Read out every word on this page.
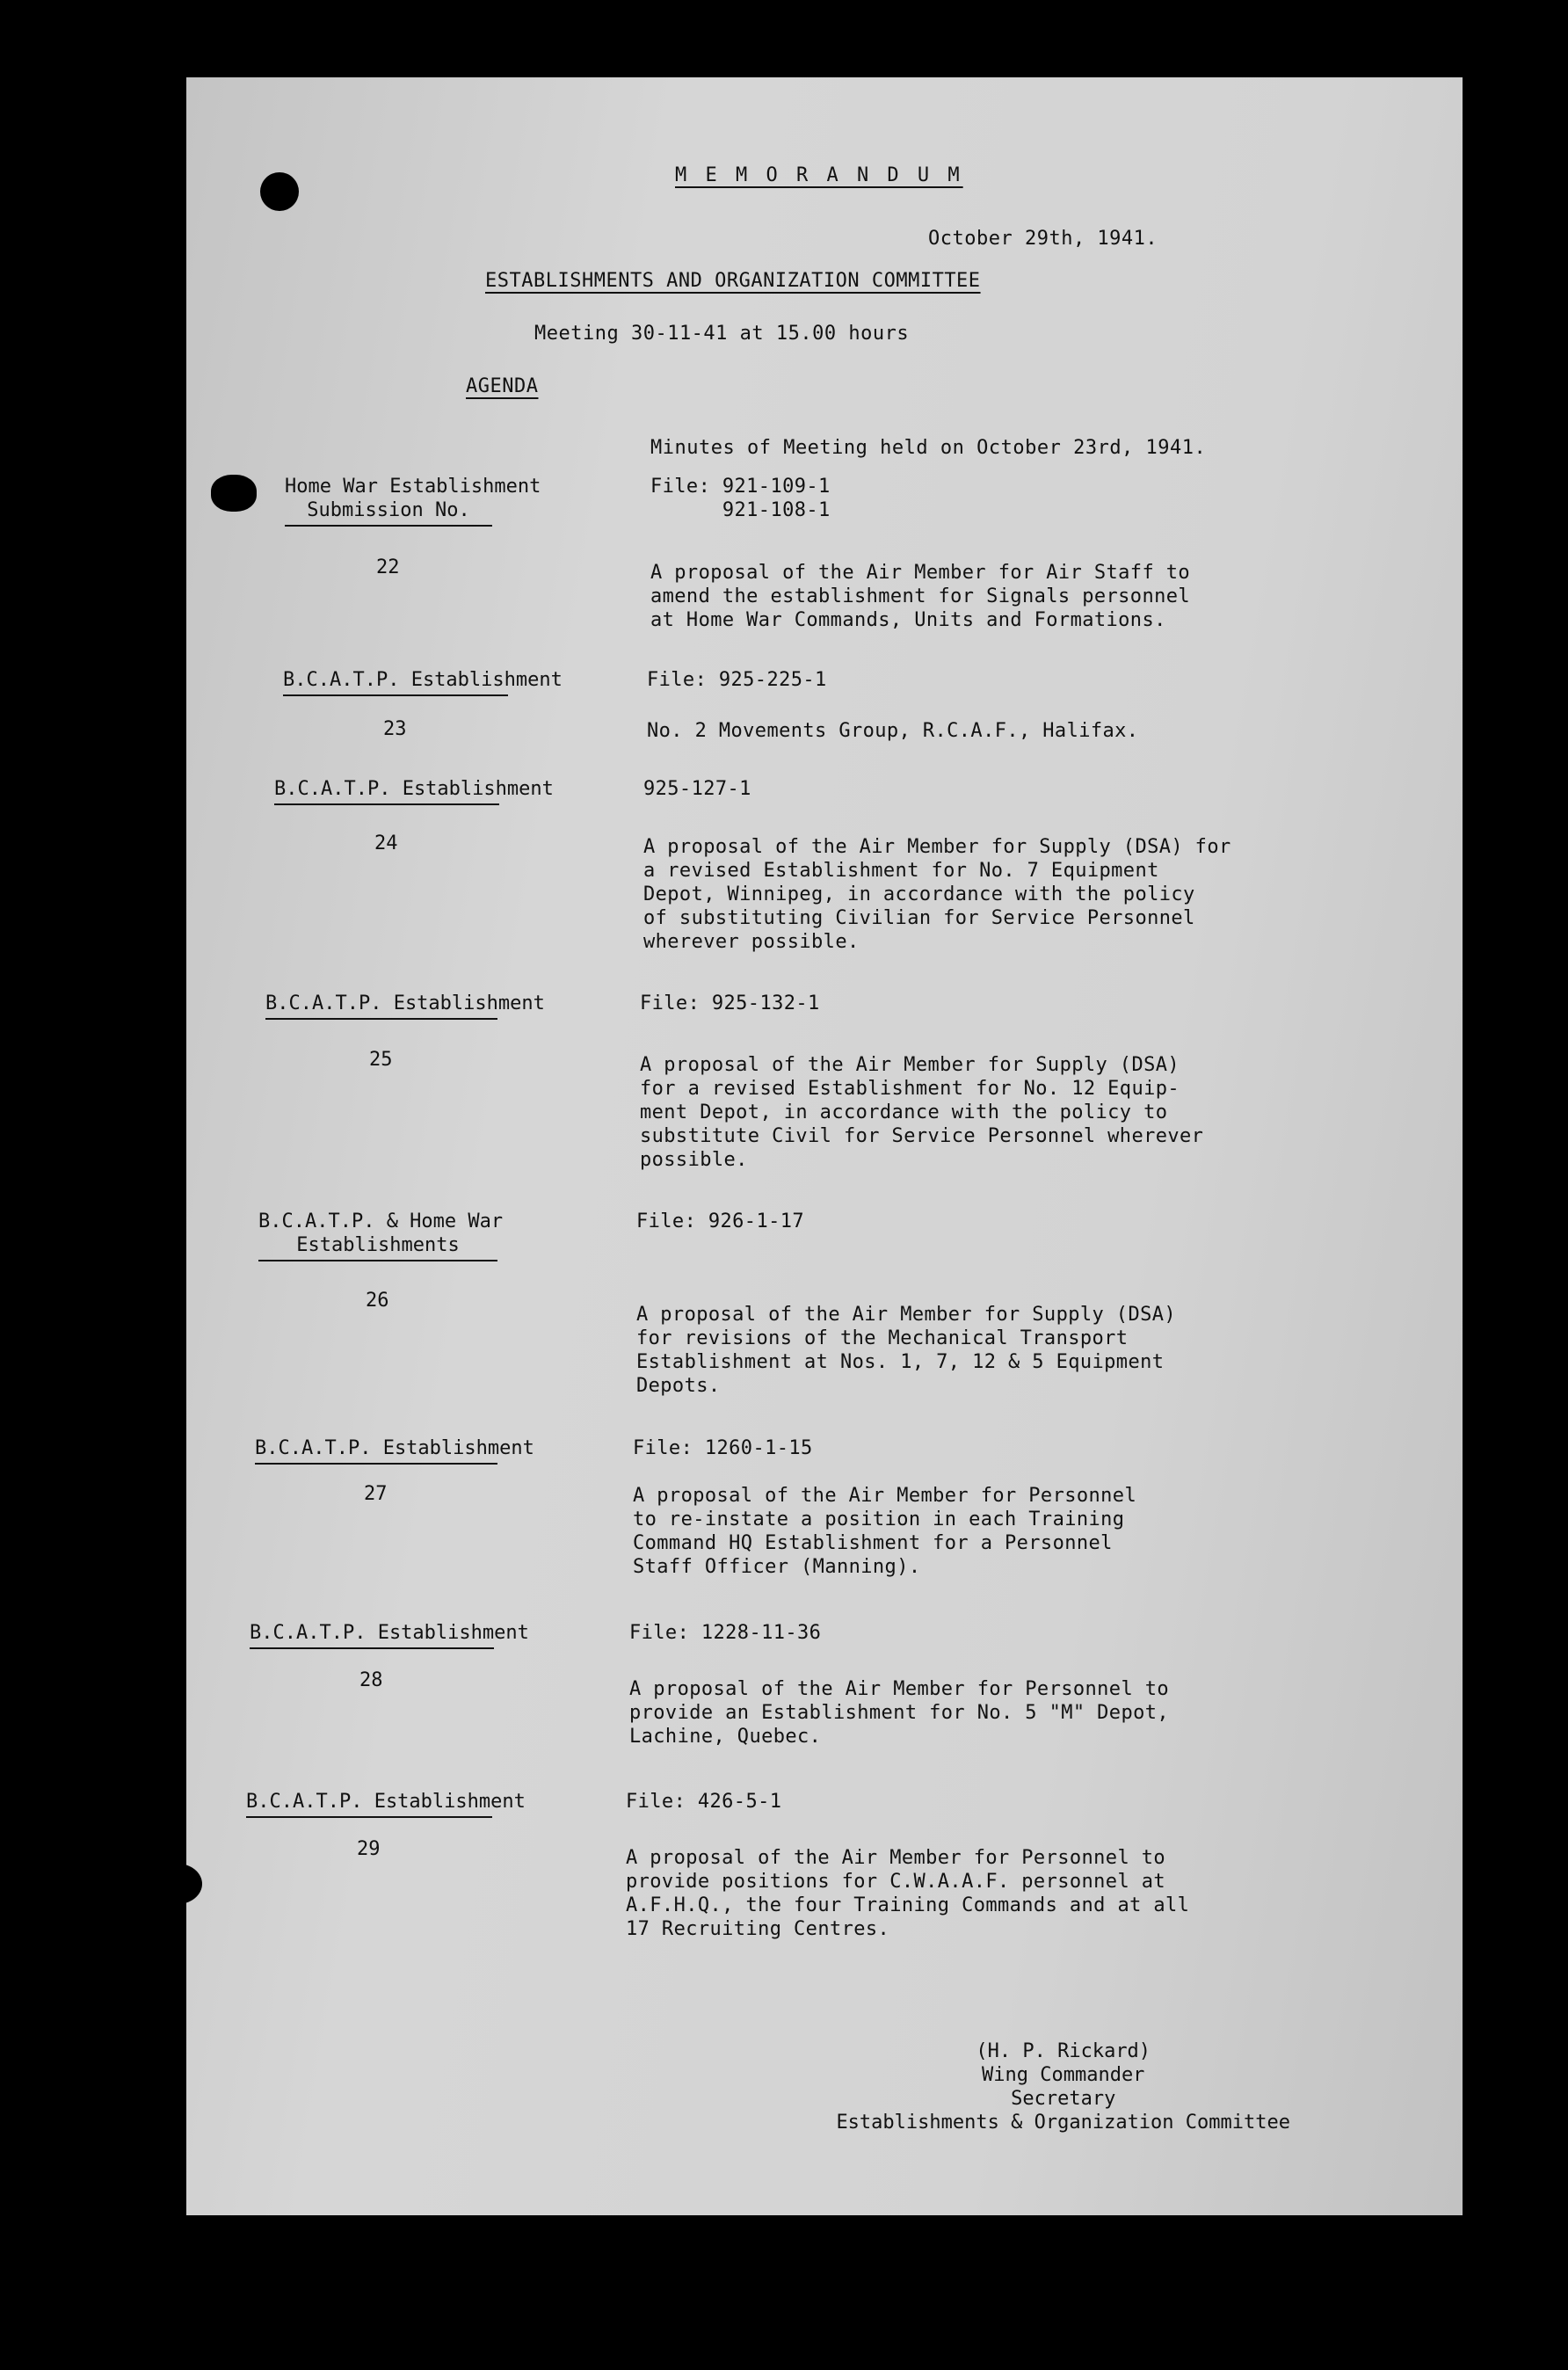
M E M O R A N D U M
October 29th, 1941.
ESTABLISHMENTS AND ORGANIZATION COMMITTEE
Meeting 30-11-41 at 15.00 hours
AGENDA
Minutes of Meeting held on October 23rd, 1941.
Home War Establishment
Submission No.
22
File: 921-109-1
921-108-1
A proposal of the Air Member for Air Staff to
amend the establishment for Signals personnel
at Home War Commands, Units and Formations.
B.C.A.T.P. Establishment
23
File: 925-225-1
No. 2 Movements Group, R.C.A.F., Halifax.
B.C.A.T.P. Establishment
24
925-127-1
A proposal of the Air Member for Supply (DSA) for
a revised Establishment for No. 7 Equipment
Depot, Winnipeg, in accordance with the policy
of substituting Civilian for Service Personnel
wherever possible.
B.C.A.T.P. Establishment
25
File: 925-132-1
A proposal of the Air Member for Supply (DSA)
for a revised Establishment for No. 12 Equip-
ment Depot, in accordance with the policy to
substitute Civil for Service Personnel wherever
possible.
B.C.A.T.P. & Home War
Establishments
26
File: 926-1-17
A proposal of the Air Member for Supply (DSA)
for revisions of the Mechanical Transport
Establishment at Nos. 1, 7, 12 & 5 Equipment
Depots.
B.C.A.T.P. Establishment
27
File: 1260-1-15
A proposal of the Air Member for Personnel
to re-instate a position in each Training
Command HQ Establishment for a Personnel
Staff Officer (Manning).
B.C.A.T.P. Establishment
28
File: 1228-11-36
A proposal of the Air Member for Personnel to
provide an Establishment for No. 5 "M" Depot,
Lachine, Quebec.
B.C.A.T.P. Establishment
29
File: 426-5-1
A proposal of the Air Member for Personnel to
provide positions for C.W.A.A.F. personnel at
A.F.H.Q., the four Training Commands and at all
17 Recruiting Centres.
(H. P. Rickard)
Wing Commander
Secretary
Establishments & Organization Committee
